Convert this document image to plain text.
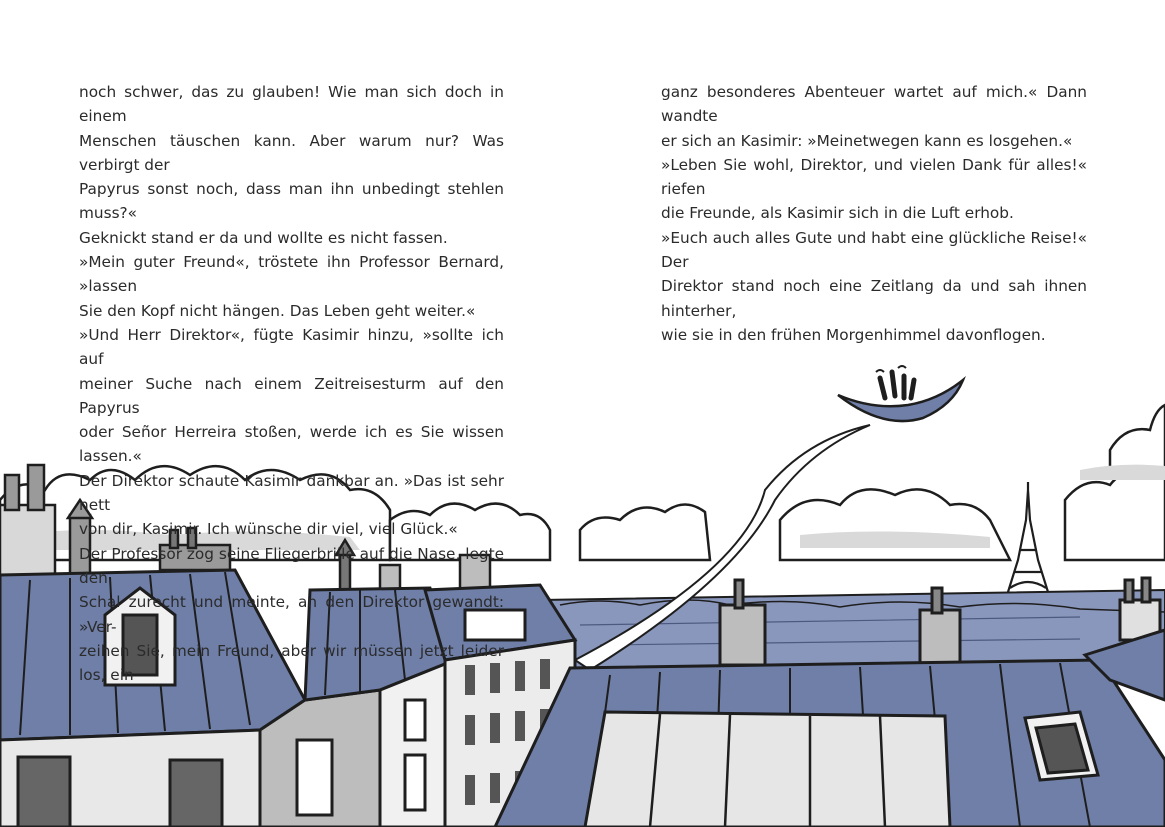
noch schwer, das zu glauben! Wie man sich doch in einem

Menschen täuschen kann. Aber warum nur? Was verbirgt der

Papyrus sonst noch, dass man ihn unbedingt stehlen muss?«

Geknickt stand er da und wollte es nicht fassen.

»Mein guter Freund«, tröstete ihn Professor Bernard, »lassen

Sie den Kopf nicht hängen. Das Leben geht weiter.«

»Und Herr Direktor«, fügte Kasimir hinzu, »sollte ich auf

meiner Suche nach einem Zeitreisesturm auf den Papyrus

oder Señor Herreira stoßen, werde ich es Sie wissen lassen.«

Der Direktor schaute Kasimir dankbar an. »Das ist sehr nett

von dir, Kasimir. Ich wünsche dir viel, viel Glück.«

Der Professor zog seine Fliegerbrille auf die Nase, legte den

Schal zurecht und meinte, an den Direktor gewandt: »Ver-

zeihen Sie, mein Freund, aber wir müssen jetzt leider los, ein

ganz besonderes Abenteuer wartet auf mich.« Dann wandte

er sich an Kasimir: »Meinetwegen kann es losgehen.«

»Leben Sie wohl, Direktor, und vielen Dank für alles!« riefen

die Freunde, als Kasimir sich in die Luft erhob.

»Euch auch alles Gute und habt eine glückliche Reise!« Der

Direktor stand noch eine Zeitlang da und sah ihnen hinterher,

wie sie in den frühen Morgenhimmel davonflogen.
